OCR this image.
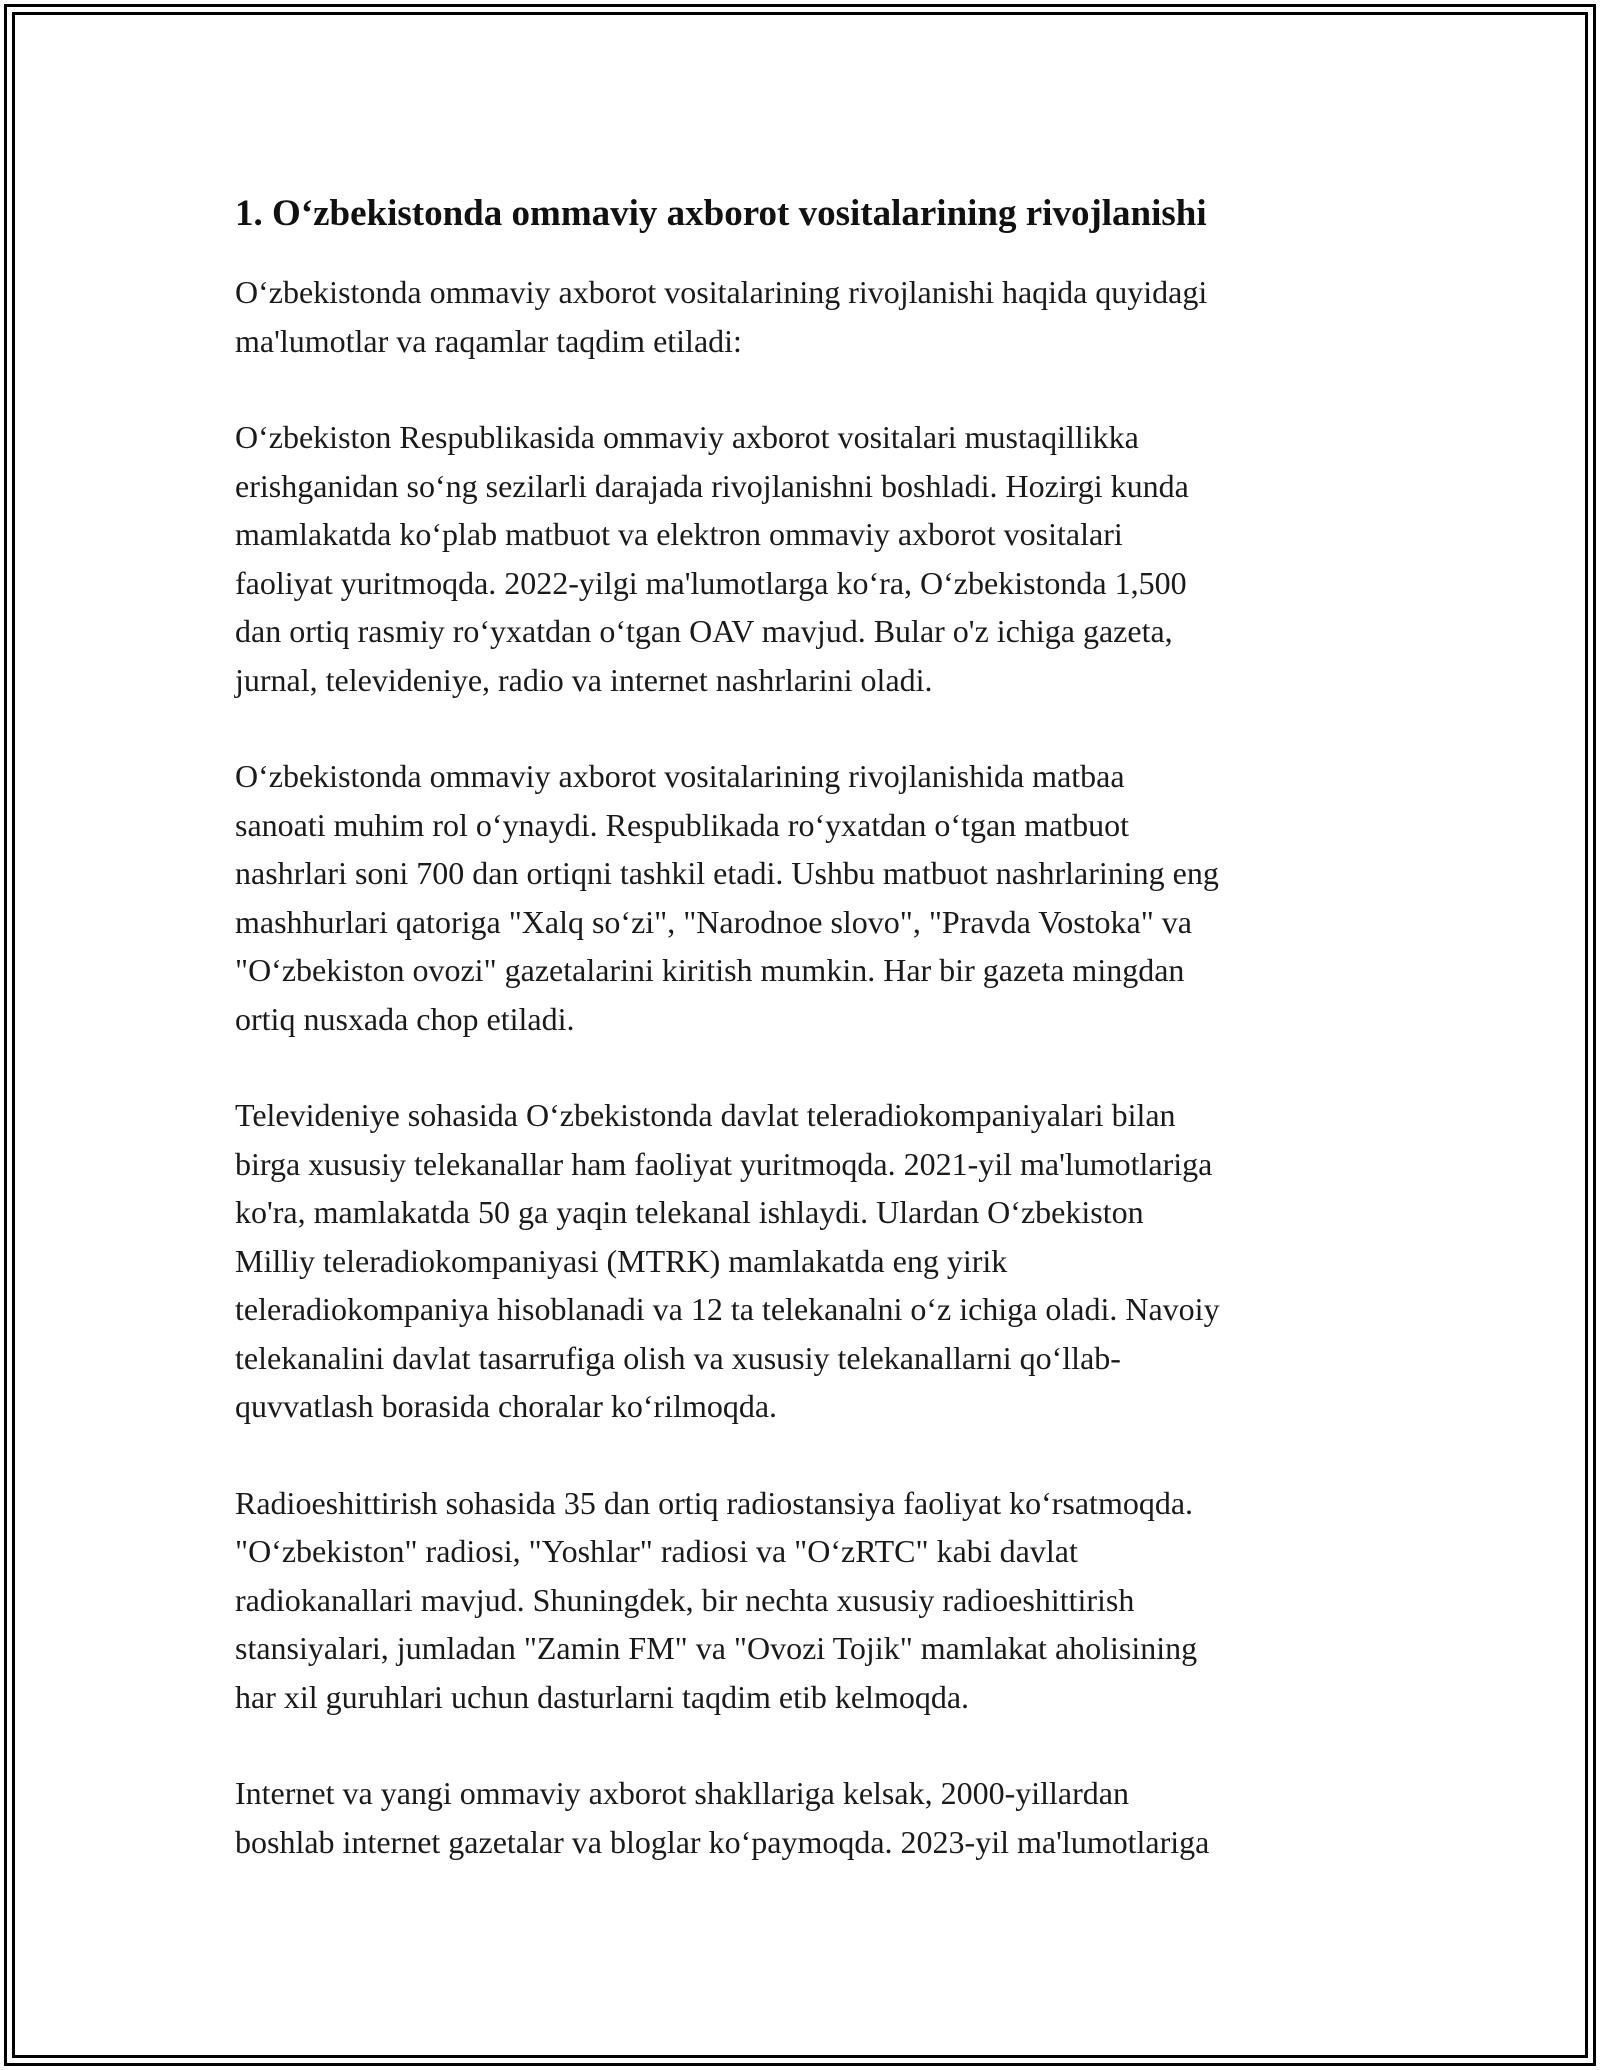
1. Oʻzbekistonda ommaviy axborot vositalarining rivojlanishi

Oʻzbekistonda ommaviy axborot vositalarining rivojlanishi haqida quyidagi
ma'lumotlar va raqamlar taqdim etiladi:

Oʻzbekiston Respublikasida ommaviy axborot vositalari mustaqillikka
erishganidan soʻng sezilarli darajada rivojlanishni boshladi. Hozirgi kunda
mamlakatda koʻplab matbuot va elektron ommaviy axborot vositalari
faoliyat yuritmoqda. 2022-yilgi ma'lumotlarga koʻra, Oʻzbekistonda 1,500
dan ortiq rasmiy roʻyxatdan oʻtgan OAV mavjud. Bular o'z ichiga gazeta,
jurnal, televideniye, radio va internet nashrlarini oladi.

Oʻzbekistonda ommaviy axborot vositalarining rivojlanishida matbaa
sanoati muhim rol oʻynaydi. Respublikada roʻyxatdan oʻtgan matbuot
nashrlari soni 700 dan ortiqni tashkil etadi. Ushbu matbuot nashrlarining eng
mashhurlari qatoriga "Xalq soʻzi", "Narodnoe slovo", "Pravda Vostoka" va
"Oʻzbekiston ovozi" gazetalarini kiritish mumkin. Har bir gazeta mingdan
ortiq nusxada chop etiladi.

Televideniye sohasida Oʻzbekistonda davlat teleradiokompaniyalari bilan
birga xususiy telekanallar ham faoliyat yuritmoqda. 2021-yil ma'lumotlariga
ko'ra, mamlakatda 50 ga yaqin telekanal ishlaydi. Ulardan Oʻzbekiston
Milliy teleradiokompaniyasi (MTRK) mamlakatda eng yirik
teleradiokompaniya hisoblanadi va 12 ta telekanalni oʻz ichiga oladi. Navoiy
telekanalini davlat tasarrufiga olish va xususiy telekanallarni qoʻllab-
quvvatlash borasida choralar koʻrilmoqda.

Radioeshittirish sohasida 35 dan ortiq radiostansiya faoliyat koʻrsatmoqda.
"Oʻzbekiston" radiosi, "Yoshlar" radiosi va "OʻzRTC" kabi davlat
radiokanallari mavjud. Shuningdek, bir nechta xususiy radioeshittirish
stansiyalari, jumladan "Zamin FM" va "Ovozi Tojik" mamlakat aholisining
har xil guruhlari uchun dasturlarni taqdim etib kelmoqda.

Internet va yangi ommaviy axborot shakllariga kelsak, 2000-yillardan
boshlab internet gazetalar va bloglar koʻpaymoqda. 2023-yil ma'lumotlariga
